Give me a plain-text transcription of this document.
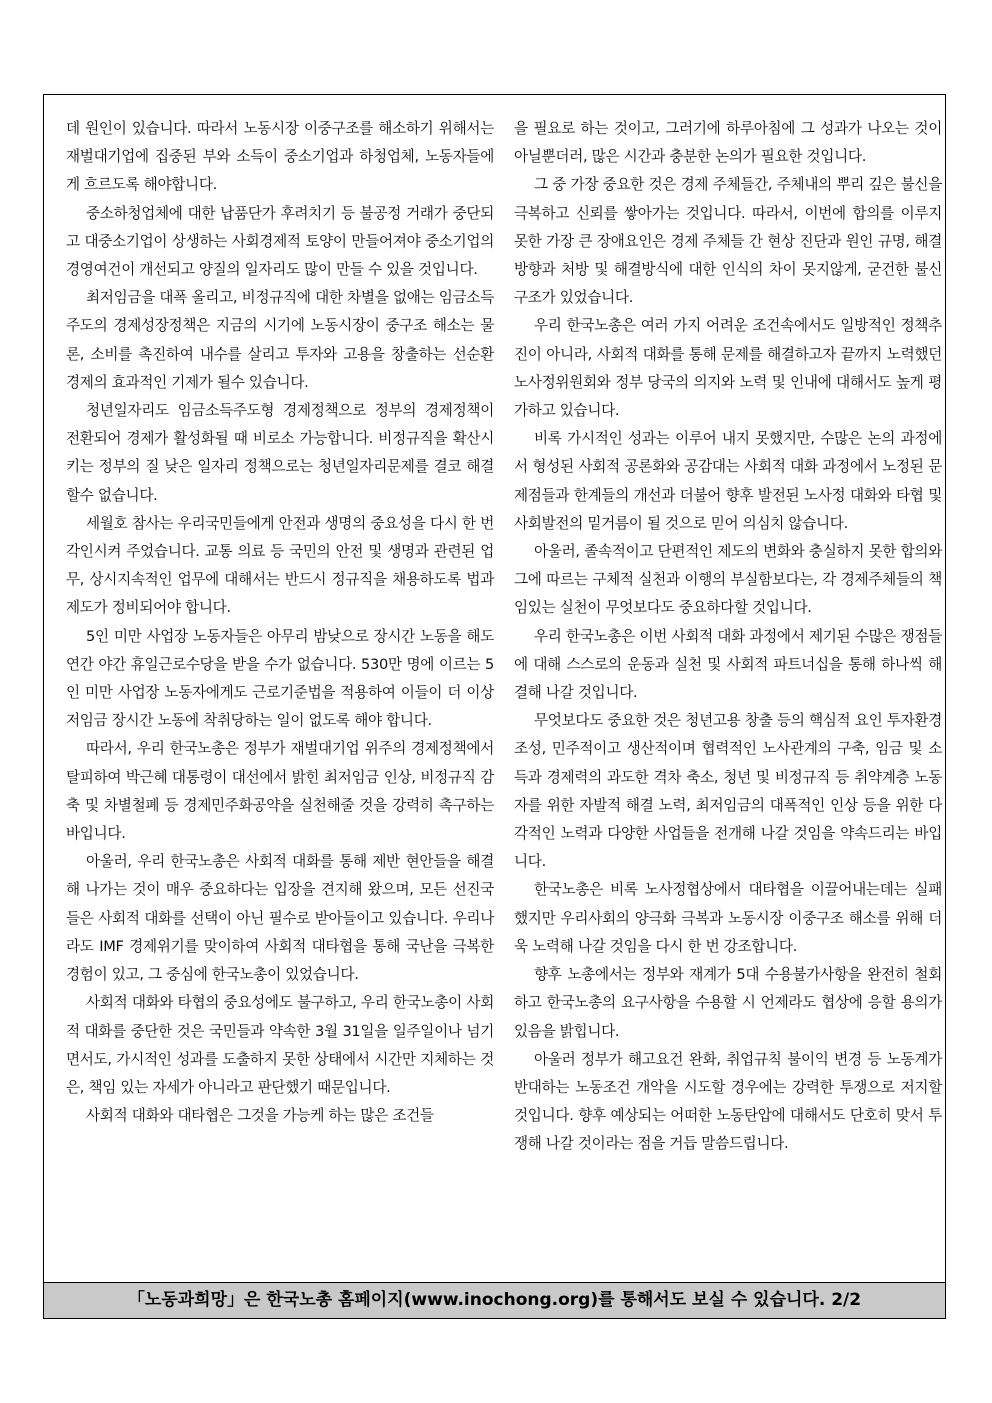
데 원인이 있습니다. 따라서 노동시장 이중구조를 해소하기 위해서는 재벌대기업에 집중된 부와 소득이 중소기업과 하청업체, 노동자들에게 흐르도록 해야합니다.

중소하청업체에 대한 납품단가 후려치기 등 불공정 거래가 중단되고 대중소기업이 상생하는 사회경제적 토양이 만들어져야 중소기업의 경영여건이 개선되고 양질의 일자리도 많이 만들 수 있을 것입니다.

최저임금을 대폭 올리고, 비정규직에 대한 차별을 없애는 임금소득 주도의 경제성장정책은 지금의 시기에 노동시장이 중구조 해소는 물론, 소비를 촉진하여 내수를 살리고 투자와 고용을 창출하는 선순환 경제의 효과적인 기제가 될수 있습니다.

청년일자리도 임금소득주도형 경제정책으로 정부의 경제정책이 전환되어 경제가 활성화될 때 비로소 가능합니다. 비정규직을 확산시키는 정부의 질 낮은 일자리 정책으로는 청년일자리문제를 결코 해결할수 없습니다.

세월호 참사는 우리국민들에게 안전과 생명의 중요성을 다시 한 번 각인시켜 주었습니다. 교통 의료 등 국민의 안전 및 생명과 관련된 업무, 상시지속적인 업무에 대해서는 반드시 정규직을 채용하도록 법과 제도가 정비되어야 합니다.

5인 미만 사업장 노동자들은 아무리 밤낮으로 장시간 노동을 해도 연간 야간 휴일근로수당을 받을 수가 없습니다. 530만 명에 이르는 5인 미만 사업장 노동자에게도 근로기준법을 적용하여 이들이 더 이상 저임금 장시간 노동에 착취당하는 일이 없도록 해야 합니다.

따라서, 우리 한국노총은 정부가 재벌대기업 위주의 경제정책에서 탈피하여 박근혜 대통령이 대선에서 밝힌 최저임금 인상, 비정규직 감축 및 차별철폐 등 경제민주화공약을 실천해줄 것을 강력히 촉구하는 바입니다.

아울러, 우리 한국노총은 사회적 대화를 통해 제반 현안들을 해결해 나가는 것이 매우 중요하다는 입장을 견지해 왔으며, 모든 선진국들은 사회적 대화를 선택이 아닌 필수로 받아들이고 있습니다. 우리나라도 IMF 경제위기를 맞이하여 사회적 대타협을 통해 국난을 극복한 경험이 있고, 그 중심에 한국노총이 있었습니다.

사회적 대화와 타협의 중요성에도 불구하고, 우리 한국노총이 사회적 대화를 중단한 것은 국민들과 약속한 3월 31일을 일주일이나 넘기면서도, 가시적인 성과를 도출하지 못한 상태에서 시간만 지체하는 것은, 책임 있는 자세가 아니라고 판단했기 때문입니다.

사회적 대화와 대타협은 그것을 가능케 하는 많은 조건들

을 필요로 하는 것이고, 그러기에 하루아침에 그 성과가 나오는 것이 아닐뿐더러, 많은 시간과 충분한 논의가 필요한 것입니다.

그 중 가장 중요한 것은 경제 주체들간, 주체내의 뿌리 깊은 불신을 극복하고 신뢰를 쌓아가는 것입니다. 따라서, 이번에 합의를 이루지 못한 가장 큰 장애요인은 경제 주체들 간 현상 진단과 원인 규명, 해결방향과 처방 및 해결방식에 대한 인식의 차이 못지않게, 굳건한 불신구조가 있었습니다.

우리 한국노총은 여러 가지 어려운 조건속에서도 일방적인 정책추진이 아니라, 사회적 대화를 통해 문제를 해결하고자 끝까지 노력했던 노사정위원회와 정부 당국의 의지와 노력 및 인내에 대해서도 높게 평가하고 있습니다.

비록 가시적인 성과는 이루어 내지 못했지만, 수많은 논의 과정에서 형성된 사회적 공론화와 공감대는 사회적 대화 과정에서 노정된 문제점들과 한계들의 개선과 더불어 향후 발전된 노사정 대화와 타협 및 사회발전의 밑거름이 될 것으로 믿어 의심치 않습니다.

아울러, 졸속적이고 단편적인 제도의 변화와 충실하지 못한 합의와 그에 따르는 구체적 실천과 이행의 부실함보다는, 각 경제주체들의 책임있는 실천이 무엇보다도 중요하다할 것입니다.

우리 한국노총은 이번 사회적 대화 과정에서 제기된 수많은 쟁점들에 대해 스스로의 운동과 실천 및 사회적 파트너십을 통해 하나씩 해결해 나갈 것입니다.

무엇보다도 중요한 것은 청년고용 창출 등의 핵심적 요인 투자환경 조성, 민주적이고 생산적이며 협력적인 노사관계의 구축, 임금 및 소득과 경제력의 과도한 격차 축소, 청년 및 비정규직 등 취약계층 노동자를 위한 자발적 해결 노력, 최저임금의 대폭적인 인상 등을 위한 다각적인 노력과 다양한 사업들을 전개해 나갈 것임을 약속드리는 바입니다.

한국노총은 비록 노사정협상에서 대타협을 이끌어내는데는 실패했지만 우리사회의 양극화 극복과 노동시장 이중구조 해소를 위해 더욱 노력해 나갈 것임을 다시 한 번 강조합니다.

향후 노총에서는 정부와 재계가 5대 수용불가사항을 완전히 철회하고 한국노총의 요구사항을 수용할 시 언제라도 협상에 응할 용의가 있음을 밝힙니다.

아울러 정부가 해고요건 완화, 취업규칙 불이익 변경 등 노동계가 반대하는 노동조건 개악을 시도할 경우에는 강력한 투쟁으로 저지할 것입니다. 향후 예상되는 어떠한 노동탄압에 대해서도 단호히 맞서 투쟁해 나갈 것이라는 점을 거듭 말씀드립니다.

「노동과희망」은 한국노총 홈페이지(www.inochong.org)를 통해서도 보실 수 있습니다. 2/2
